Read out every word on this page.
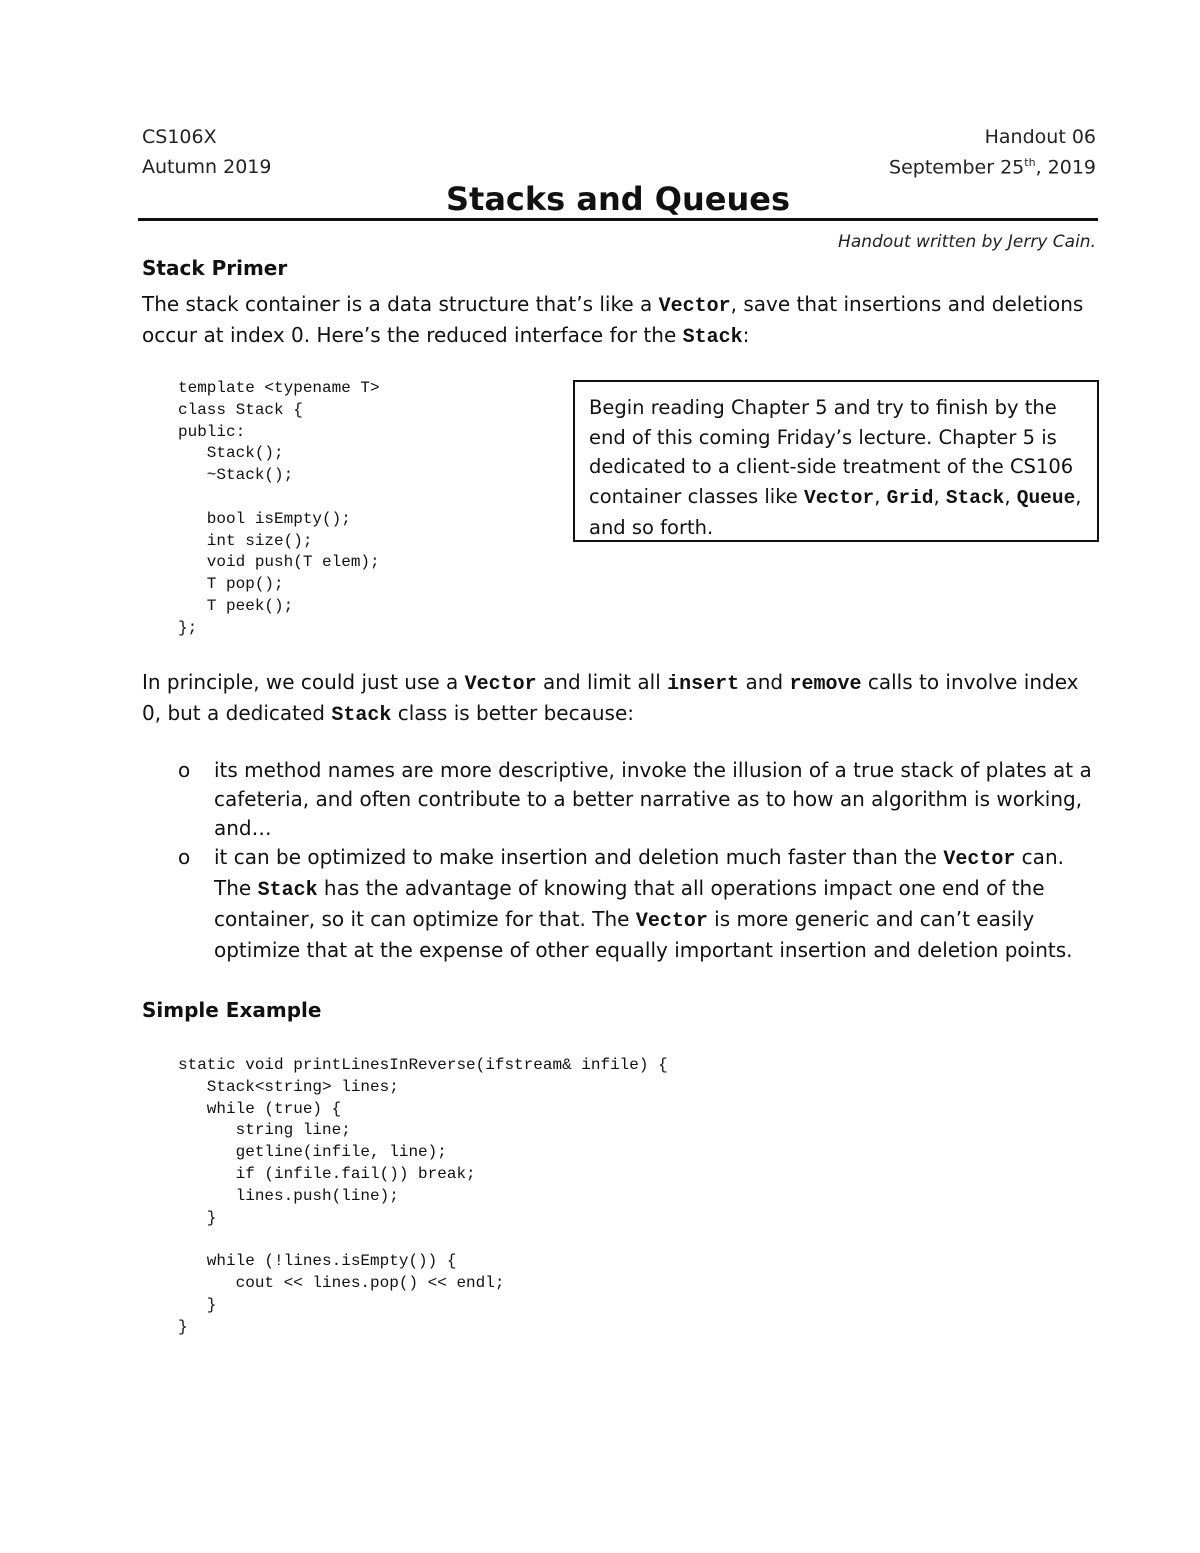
CS106X
Autumn 2019
Handout 06
September 25th, 2019
Stacks and Queues
Handout written by Jerry Cain.
Stack Primer
The stack container is a data structure that’s like a Vector, save that insertions and deletions occur at index 0. Here’s the reduced interface for the Stack:
template <typename T>
class Stack {
public:
Stack();
~Stack();

bool isEmpty();
int size();
void push(T elem);
T pop();
T peek();
};
Begin reading Chapter 5 and try to finish by the end of this coming Friday’s lecture. Chapter 5 is dedicated to a client-side treatment of the CS106 container classes like Vector, Grid, Stack, Queue, and so forth.
In principle, we could just use a Vector and limit all insert and remove calls to involve index 0, but a dedicated Stack class is better because:
o its method names are more descriptive, invoke the illusion of a true stack of plates at a cafeteria, and often contribute to a better narrative as to how an algorithm is working, and…
o it can be optimized to make insertion and deletion much faster than the Vector can. The Stack has the advantage of knowing that all operations impact one end of the container, so it can optimize for that. The Vector is more generic and can’t easily optimize that at the expense of other equally important insertion and deletion points.
Simple Example
static void printLinesInReverse(ifstream& infile) {
Stack<string> lines;
while (true) {
string line;
getline(infile, line);
if (infile.fail()) break;
lines.push(line);
}

while (!lines.isEmpty()) {
cout << lines.pop() << endl;
}
}
